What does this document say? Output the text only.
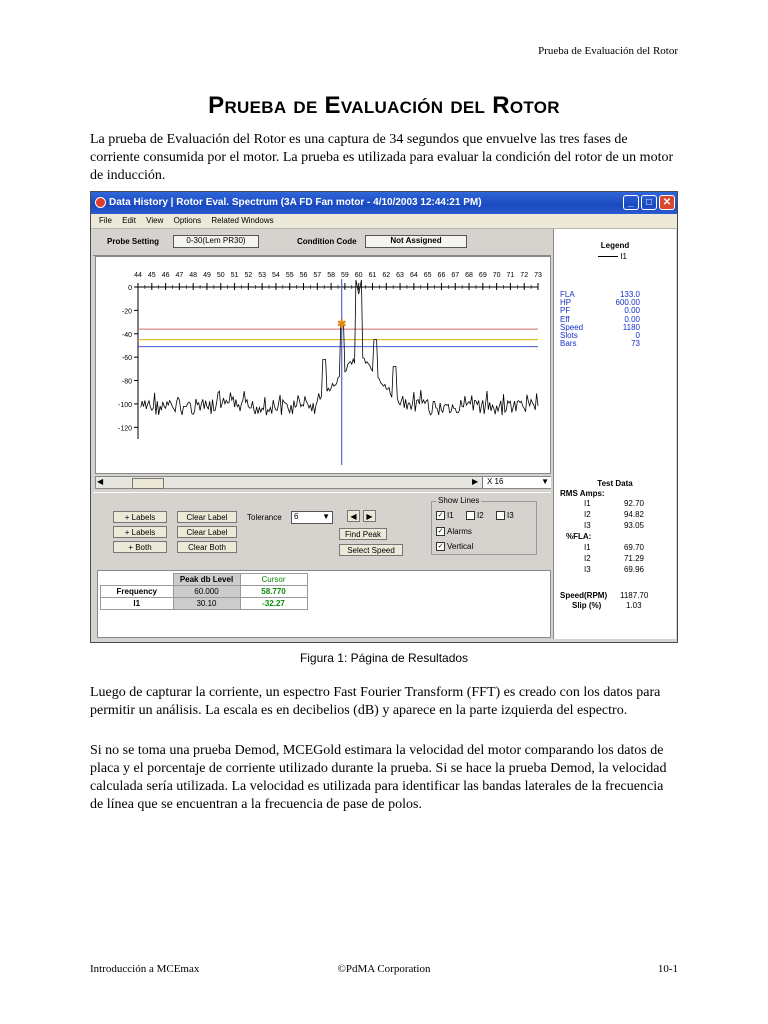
Prueba de Evaluación del Rotor
Prueba de Evaluación del Rotor
La prueba de Evaluación del Rotor es una captura de 34 segundos que envuelve las tres fases de corriente consumida por el motor. La prueba es utilizada para evaluar la condición del rotor de un motor de inducción.
Data History | Rotor Eval. Spectrum (3A FD Fan motor - 4/10/2003 12:44:21 PM)	_	□	✕
File Edit View Options Related Windows
Probe Setting	0-30(Lem PR30)	Condition Code	Not Assigned
44 45 46 47 48 49 50 51 52 53 54 55 56 57 58 59 60 61 62 63 64 65 66 67 68 69 70 71 72 73
0
-20
-40
-60
-80
-100
-120
✱
◀	▶	X 16	▼
+ Labels
+ Labels
+ Both
Clear Label
Clear Label
Clear Both
Tolerance	6	▼	◀	▶
Find Peak
Select Speed
Show Lines
✓ I1	I2	I3
✓ Alarms
✓ Vertical
	Peak db Level	Cursor
Frequency	60.000	58.770
I1	30.10	-32.27
Legend
I1
FLA	133.0
HP	600.00
PF	0.00
Eff	0.00
Speed	1180
Slots	0
Bars	73
Test Data
RMS Amps:
I1	92.70
I2	94.82
I3	93.05
%FLA:
I1	69.70
I2	71.29
I3	69.96
Speed(RPM) 1187.70
Slip (%)	1.03
Figura 1: Página de Resultados
Luego de capturar la corriente, un espectro Fast Fourier Transform (FFT) es creado con los datos para permitir un análisis. La escala es en decibelios (dB) y aparece en la parte izquierda del espectro.
Si no se toma una prueba Demod, MCEGold estimara la velocidad del motor comparando los datos de placa y el porcentaje de corriente utilizado durante la prueba. Si se hace la prueba Demod, la velocidad calculada sería utilizada. La velocidad es utilizada para identificar las bandas laterales de la frecuencia de línea que se encuentran a la frecuencia de pase de polos.
Introducción a MCEmax	©PdMA Corporation	10-1
